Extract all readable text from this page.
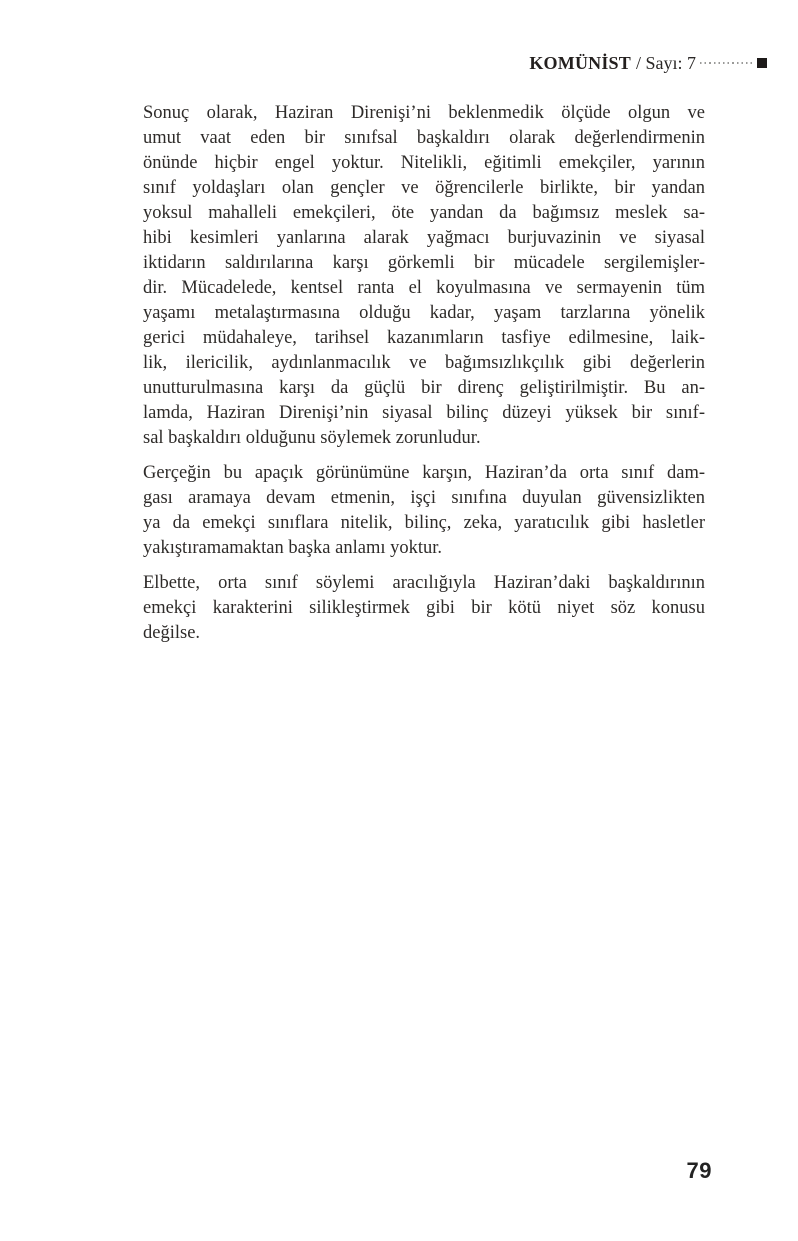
KOMÜNİST / Sayı: 7
Sonuç olarak, Haziran Direnişi’ni beklenmedik ölçüde olgun ve
umut vaat eden bir sınıfsal başkaldırı olarak değerlendirmenin
önünde hiçbir engel yoktur. Nitelikli, eğitimli emekçiler, yarının
sınıf yoldaşları olan gençler ve öğrencilerle birlikte, bir yandan
yoksul mahalleli emekçileri, öte yandan da bağımsız meslek sa-
hibi kesimleri yanlarına alarak yağmacı burjuvazinin ve siyasal
iktidarın saldırılarına karşı görkemli bir mücadele sergilemişler-
dir. Mücadelede, kentsel ranta el koyulmasına ve sermayenin tüm
yaşamı metalaştırmasına olduğu kadar, yaşam tarzlarına yönelik
gerici müdahaleye, tarihsel kazanımların tasfiye edilmesine, laik-
lik, ilericilik, aydınlanmacılık ve bağımsızlıkçılık gibi değerlerin
unutturulmasına karşı da güçlü bir direnç geliştirilmiştir. Bu an-
lamda, Haziran Direnişi’nin siyasal bilinç düzeyi yüksek bir sınıf-
sal başkaldırı olduğunu söylemek zorunludur.
Gerçeğin bu apaçık görünümüne karşın, Haziran’da orta sınıf dam-
gası aramaya devam etmenin, işçi sınıfına duyulan güvensizlikten
ya da emekçi sınıflara nitelik, bilinç, zeka, yaratıcılık gibi hasletler
yakıştıramamaktan başka anlamı yoktur.
Elbette, orta sınıf söylemi aracılığıyla Haziran’daki başkaldırının
emekçi karakterini silikleştirmek gibi bir kötü niyet söz konusu
değilse.
79
